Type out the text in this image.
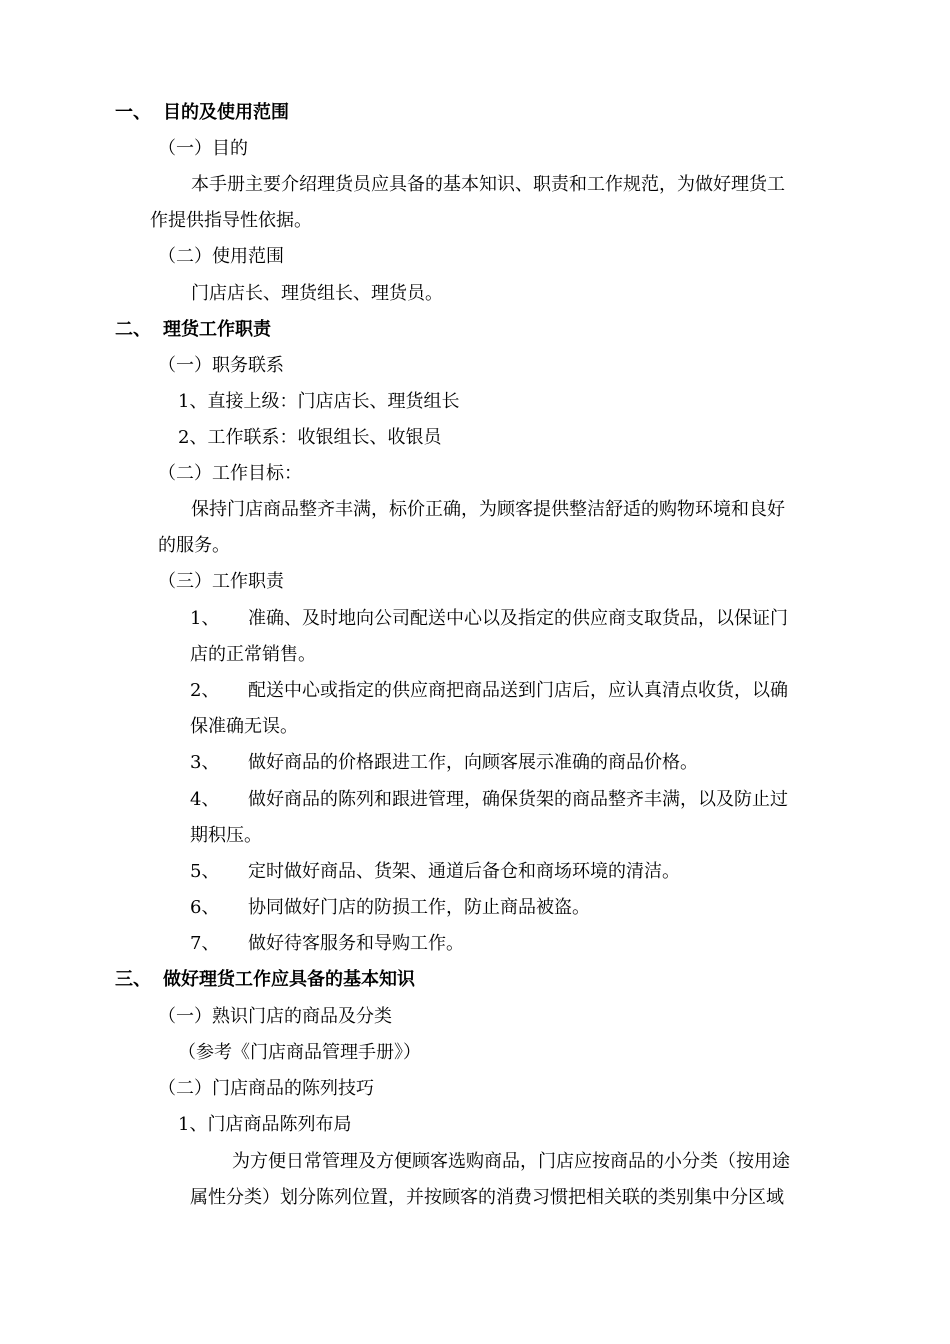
一、 目的及使用范围
（一）目的
本手册主要介绍理货员应具备的基本知识、职责和工作规范，为做好理货工
作提供指导性依据。
（二）使用范围
门店店长、理货组长、理货员。
二、 理货工作职责
（一）职务联系
1、直接上级：门店店长、理货组长
2、工作联系：收银组长、收银员
（二）工作目标：
保持门店商品整齐丰满，标价正确，为顾客提供整洁舒适的购物环境和良好
的服务。
（三）工作职责
1、 准确、及时地向公司配送中心以及指定的供应商支取货品，以保证门
店的正常销售。
2、 配送中心或指定的供应商把商品送到门店后，应认真清点收货，以确
保准确无误。
3、 做好商品的价格跟进工作，向顾客展示准确的商品价格。
4、 做好商品的陈列和跟进管理，确保货架的商品整齐丰满，以及防止过
期积压。
5、 定时做好商品、货架、通道后备仓和商场环境的清洁。
6、 协同做好门店的防损工作，防止商品被盗。
7、 做好待客服务和导购工作。
三、 做好理货工作应具备的基本知识
（一）熟识门店的商品及分类
（参考《门店商品管理手册》）
（二）门店商品的陈列技巧
1、门店商品陈列布局
为方便日常管理及方便顾客选购商品，门店应按商品的小分类（按用途
属性分类）划分陈列位置，并按顾客的消费习惯把相关联的类别集中分区域
